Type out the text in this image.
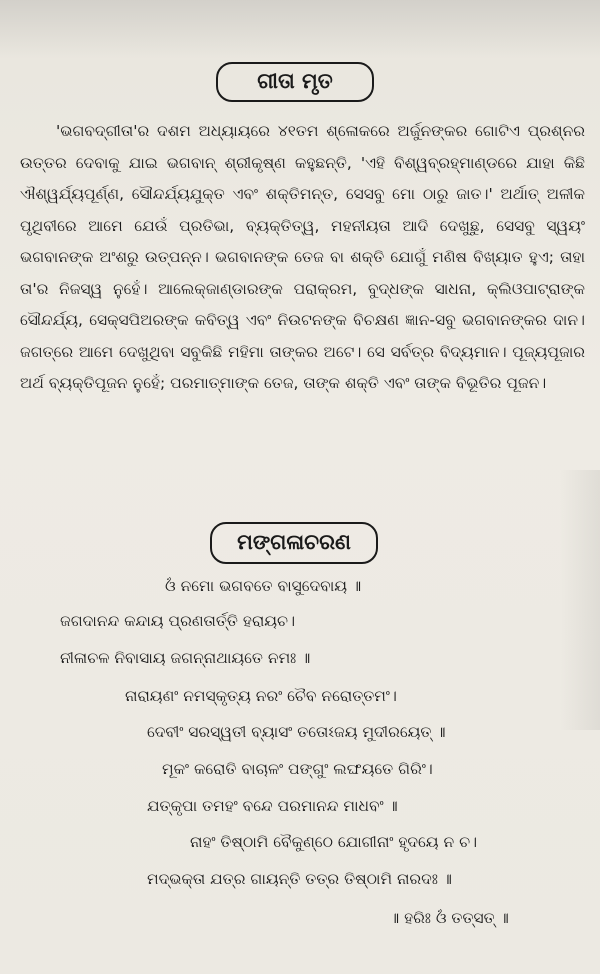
ଗୀତା ମୃତ

'ଭଗବଦ୍‌ଗୀତା'ର ଦଶମ ଅଧ୍ୟାୟରେ ୪୧ତମ ଶ୍ଳୋକରେ ଅର୍ଜୁନଙ୍କର ଗୋଟିଏ ପ୍ରଶ୍ନର ଉତ୍ତର ଦେବାକୁ ଯାଇ ଭଗବାନ୍ ଶ୍ରୀକୃଷ୍ଣ କହୁଛନ୍ତି, 'ଏହି ବିଶ୍ୱବ୍ରହ୍ମାଣ୍ଡରେ ଯାହା କିଛି ଐଶ୍ୱର୍ଯ୍ୟପୂର୍ଣ୍ଣ, ସୌନ୍ଦର୍ଯ୍ୟଯୁକ୍ତ ଏବଂ ଶକ୍ତିମନ୍ତ, ସେସବୁ ମୋ ଠାରୁ ଜାତ।' ଅର୍ଥାତ୍ ଅଳୀକ ପୃଥିବୀରେ ଆମେ ଯେଉଁ ପ୍ରତିଭା, ବ୍ୟକ୍ତିତ୍ୱ, ମହନୀୟତା ଆଦି ଦେଖୁଛୁ, ସେସବୁ ସ୍ୱୟଂ ଭଗବାନଙ୍କ ଅଂଶରୁ ଉତ୍ପନ୍ନ। ଭଗବାନଙ୍କ ତେଜ ବା ଶକ୍ତି ଯୋଗୁଁ ମଣିଷ ବିଖ୍ୟାତ ହୁଏ; ତାହା ତା'ର ନିଜସ୍ୱ ନୁହେଁ। ଆଲେକ୍‌ଜାଣ୍ଡାରଙ୍କ ପରାକ୍ରମ, ବୁଦ୍ଧଙ୍କ ସାଧନା, କ୍ଲିଓପାଟ୍ରାଙ୍କ ସୌନ୍ଦର୍ଯ୍ୟ, ସେକ୍ସପିଅରଙ୍କ କବିତ୍ୱ ଏବଂ ନିଉଟନଙ୍କ ବିଚକ୍ଷଣ ଜ୍ଞାନ-ସବୁ ଭଗବାନଙ୍କର ଦାନ। ଜଗତ୍‌ରେ ଆମେ ଦେଖୁଥିବା ସବୁକିଛି ମହିମା ତାଙ୍କର ଅଟେ। ସେ ସର୍ବତ୍ର ବିଦ୍ୟମାନ। ପୂଜ୍ୟପୂଜାର ଅର୍ଥ ବ୍ୟକ୍ତିପୂଜନ ନୁହେଁ; ପରମାତ୍ମାଙ୍କ ତେଜ, ତାଙ୍କ ଶକ୍ତି ଏବଂ ତାଙ୍କ ବିଭୂତିର ପୂଜନ।

ମଙ୍ଗଳାଚରଣ
ଓଁ ନମୋ ଭଗବତେ ବାସୁଦେବାୟ ॥
ଜଗଦାନନ୍ଦ କନ୍ଦାୟ ପ୍ରଣତାର୍ତ୍ତି ହରାୟଚ।
ନୀଳାଚଳ ନିବାସାୟ ଜଗନ୍ନାଥାୟତେ ନମଃ ॥
ନାରାୟଣଂ ନମସ୍କୃତ୍ୟ ନରଂ ଚୈବ ନରୋତ୍ତମଂ।
ଦେବୀଂ ସରସ୍ୱତୀ ବ୍ୟାସଂ ତତୋଽଜୟ ମୁଦୀରୟେତ୍ ॥
ମୂକଂ କରୋତି ବାଚାଳଂ ପଙ୍ଗୁଂ ଲଙ୍ଘୟତେ ଗିରିଂ।
ଯତ୍‌କୃପା ତମହଂ ବନ୍ଦେ ପରମାନନ୍ଦ ମାଧବଂ ॥
ନାହଂ ତିଷ୍ଠାମି ବୈକୁଣ୍ଠେ ଯୋଗୀନାଂ ହୃଦୟେ ନ ଚ।
ମଦ୍‌ଭକ୍ତା ଯତ୍ର ଗାୟନ୍ତି ତତ୍ର ତିଷ୍ଠାମି ନାରଦଃ ॥
॥ ହରିଃ ଓଁ ତତ୍‌ସତ୍ ॥
